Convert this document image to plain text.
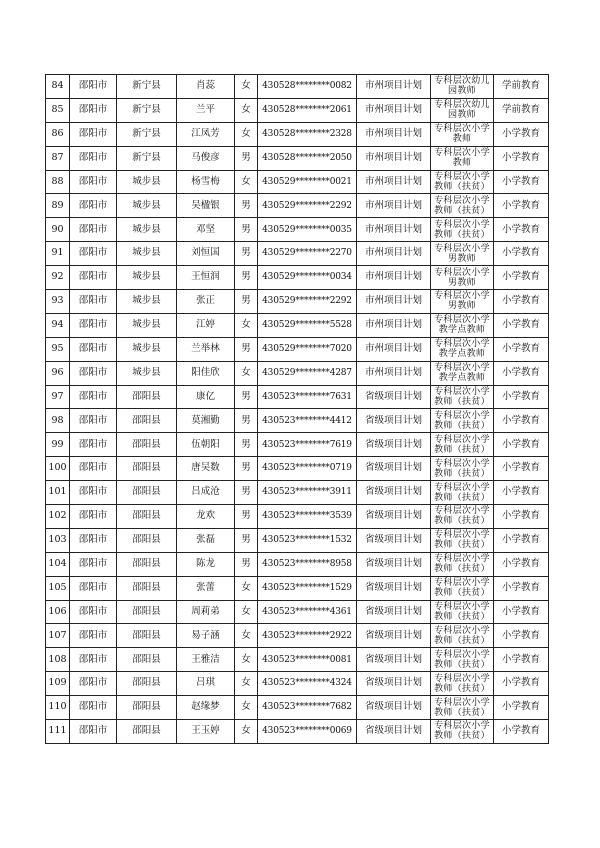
84	邵阳市	新宁县	肖蕊	女	430528********0082	市州项目计划	专科层次幼儿园教师	学前教育
85	邵阳市	新宁县	兰平	女	430528********2061	市州项目计划	专科层次幼儿园教师	学前教育
86	邵阳市	新宁县	江凤芳	女	430528********2328	市州项目计划	专科层次小学教师	小学教育
87	邵阳市	新宁县	马俊彦	男	430528********2050	市州项目计划	专科层次小学教师	小学教育
88	邵阳市	城步县	杨雪梅	女	430529********0021	市州项目计划	专科层次小学教师（扶贫）	小学教育
89	邵阳市	城步县	吴楹银	男	430529********2292	市州项目计划	专科层次小学教师（扶贫）	小学教育
90	邵阳市	城步县	邓坚	男	430529********0035	市州项目计划	专科层次小学教师（扶贫）	小学教育
91	邵阳市	城步县	刘恒国	男	430529********2270	市州项目计划	专科层次小学男教师	小学教育
92	邵阳市	城步县	王恒润	男	430529********0034	市州项目计划	专科层次小学男教师	小学教育
93	邵阳市	城步县	张正	男	430529********2292	市州项目计划	专科层次小学男教师	小学教育
94	邵阳市	城步县	江婷	女	430529********5528	市州项目计划	专科层次小学教学点教师	小学教育
95	邵阳市	城步县	兰举林	男	430529********7020	市州项目计划	专科层次小学教学点教师	小学教育
96	邵阳市	城步县	阳佳欣	女	430529********4287	市州项目计划	专科层次小学教学点教师	小学教育
97	邵阳市	邵阳县	康亿	男	430523********7631	省级项目计划	专科层次小学教师（扶贫）	小学教育
98	邵阳市	邵阳县	莫湘勤	男	430523********4412	省级项目计划	专科层次小学教师（扶贫）	小学教育
99	邵阳市	邵阳县	伍朝阳	男	430523********7619	省级项目计划	专科层次小学教师（扶贫）	小学教育
100	邵阳市	邵阳县	唐吴数	男	430523********0719	省级项目计划	专科层次小学教师（扶贫）	小学教育
101	邵阳市	邵阳县	吕成沧	男	430523********3911	省级项目计划	专科层次小学教师（扶贫）	小学教育
102	邵阳市	邵阳县	龙欢	男	430523********3539	省级项目计划	专科层次小学教师（扶贫）	小学教育
103	邵阳市	邵阳县	张磊	男	430523********1532	省级项目计划	专科层次小学教师（扶贫）	小学教育
104	邵阳市	邵阳县	陈龙	男	430523********8958	省级项目计划	专科层次小学教师（扶贫）	小学教育
105	邵阳市	邵阳县	张蕾	女	430523********1529	省级项目计划	专科层次小学教师（扶贫）	小学教育
106	邵阳市	邵阳县	周莉弟	女	430523********4361	省级项目计划	专科层次小学教师（扶贫）	小学教育
107	邵阳市	邵阳县	易子涵	女	430523********2922	省级项目计划	专科层次小学教师（扶贫）	小学教育
108	邵阳市	邵阳县	王雅洁	女	430523********0081	省级项目计划	专科层次小学教师（扶贫）	小学教育
109	邵阳市	邵阳县	吕琪	女	430523********4324	省级项目计划	专科层次小学教师（扶贫）	小学教育
110	邵阳市	邵阳县	赵缘梦	女	430523********7682	省级项目计划	专科层次小学教师（扶贫）	小学教育
111	邵阳市	邵阳县	王玉婷	女	430523********0069	省级项目计划	专科层次小学教师（扶贫）	小学教育
